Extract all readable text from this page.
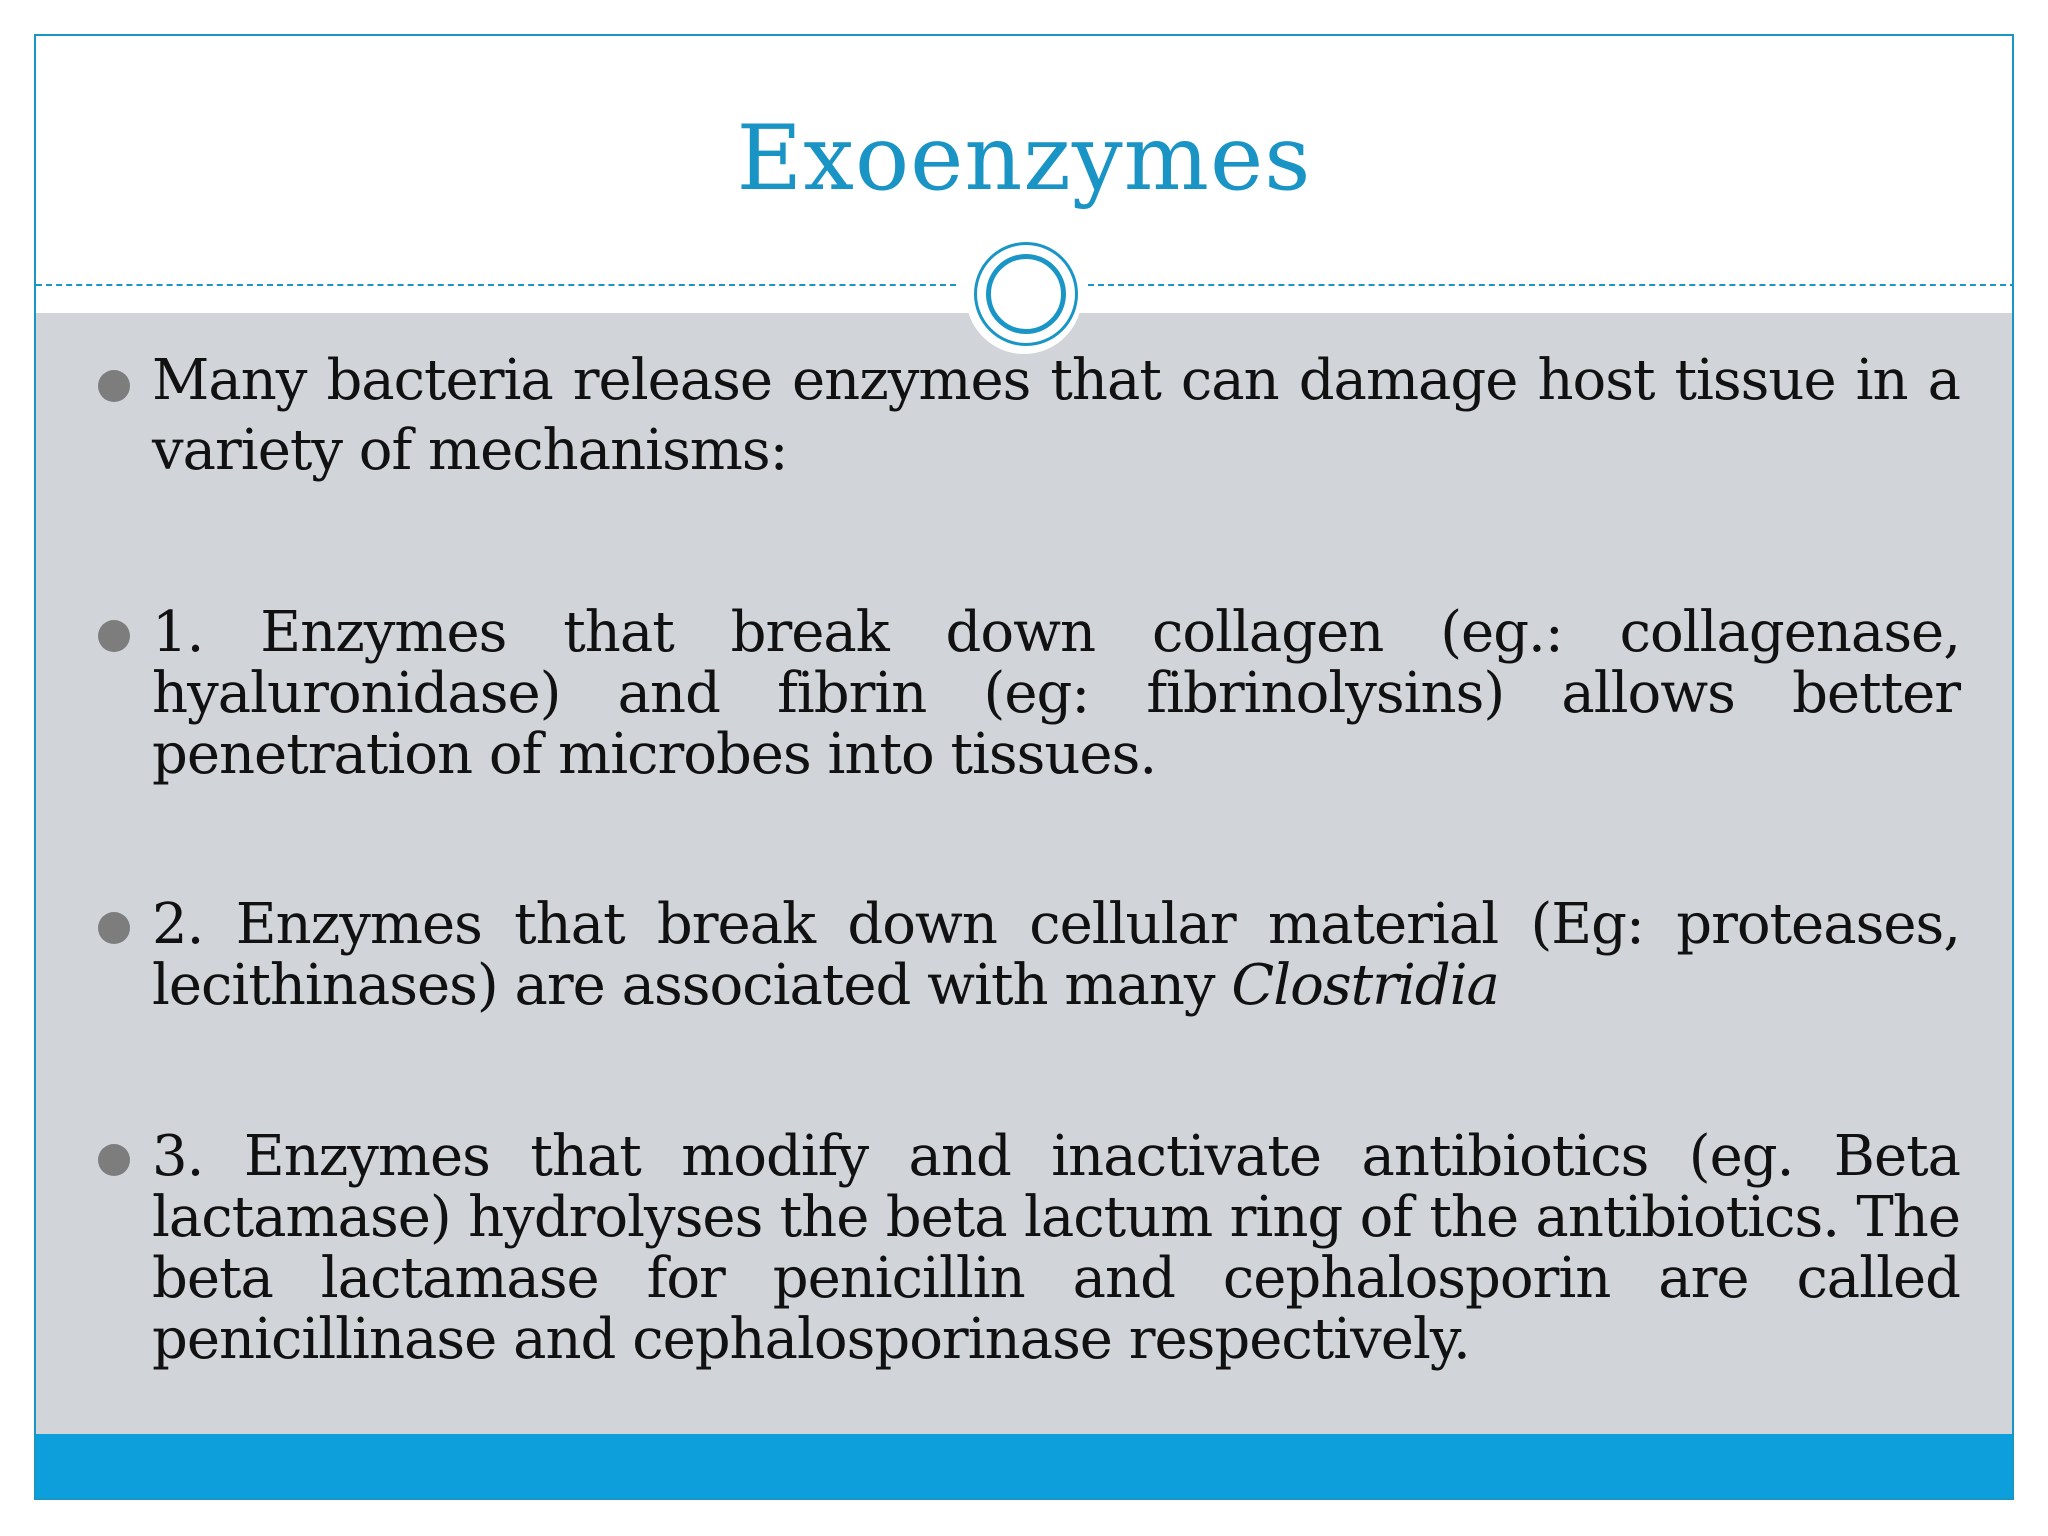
Exoenzymes
Many bacteria release enzymes that can damage host tissue in a variety of mechanisms:
1. Enzymes that break down collagen (eg.: collagenase, hyaluronidase) and fibrin (eg: fibrinolysins) allows better penetration of microbes into tissues.
2. Enzymes that break down cellular material (Eg: proteases, lecithinases) are associated with many Clostridia
3. Enzymes that modify and inactivate antibiotics (eg. Beta lactamase) hydrolyses the beta lactum ring of the antibiotics. The beta lactamase for penicillin and cephalosporin are called penicillinase and cephalosporinase respectively.
